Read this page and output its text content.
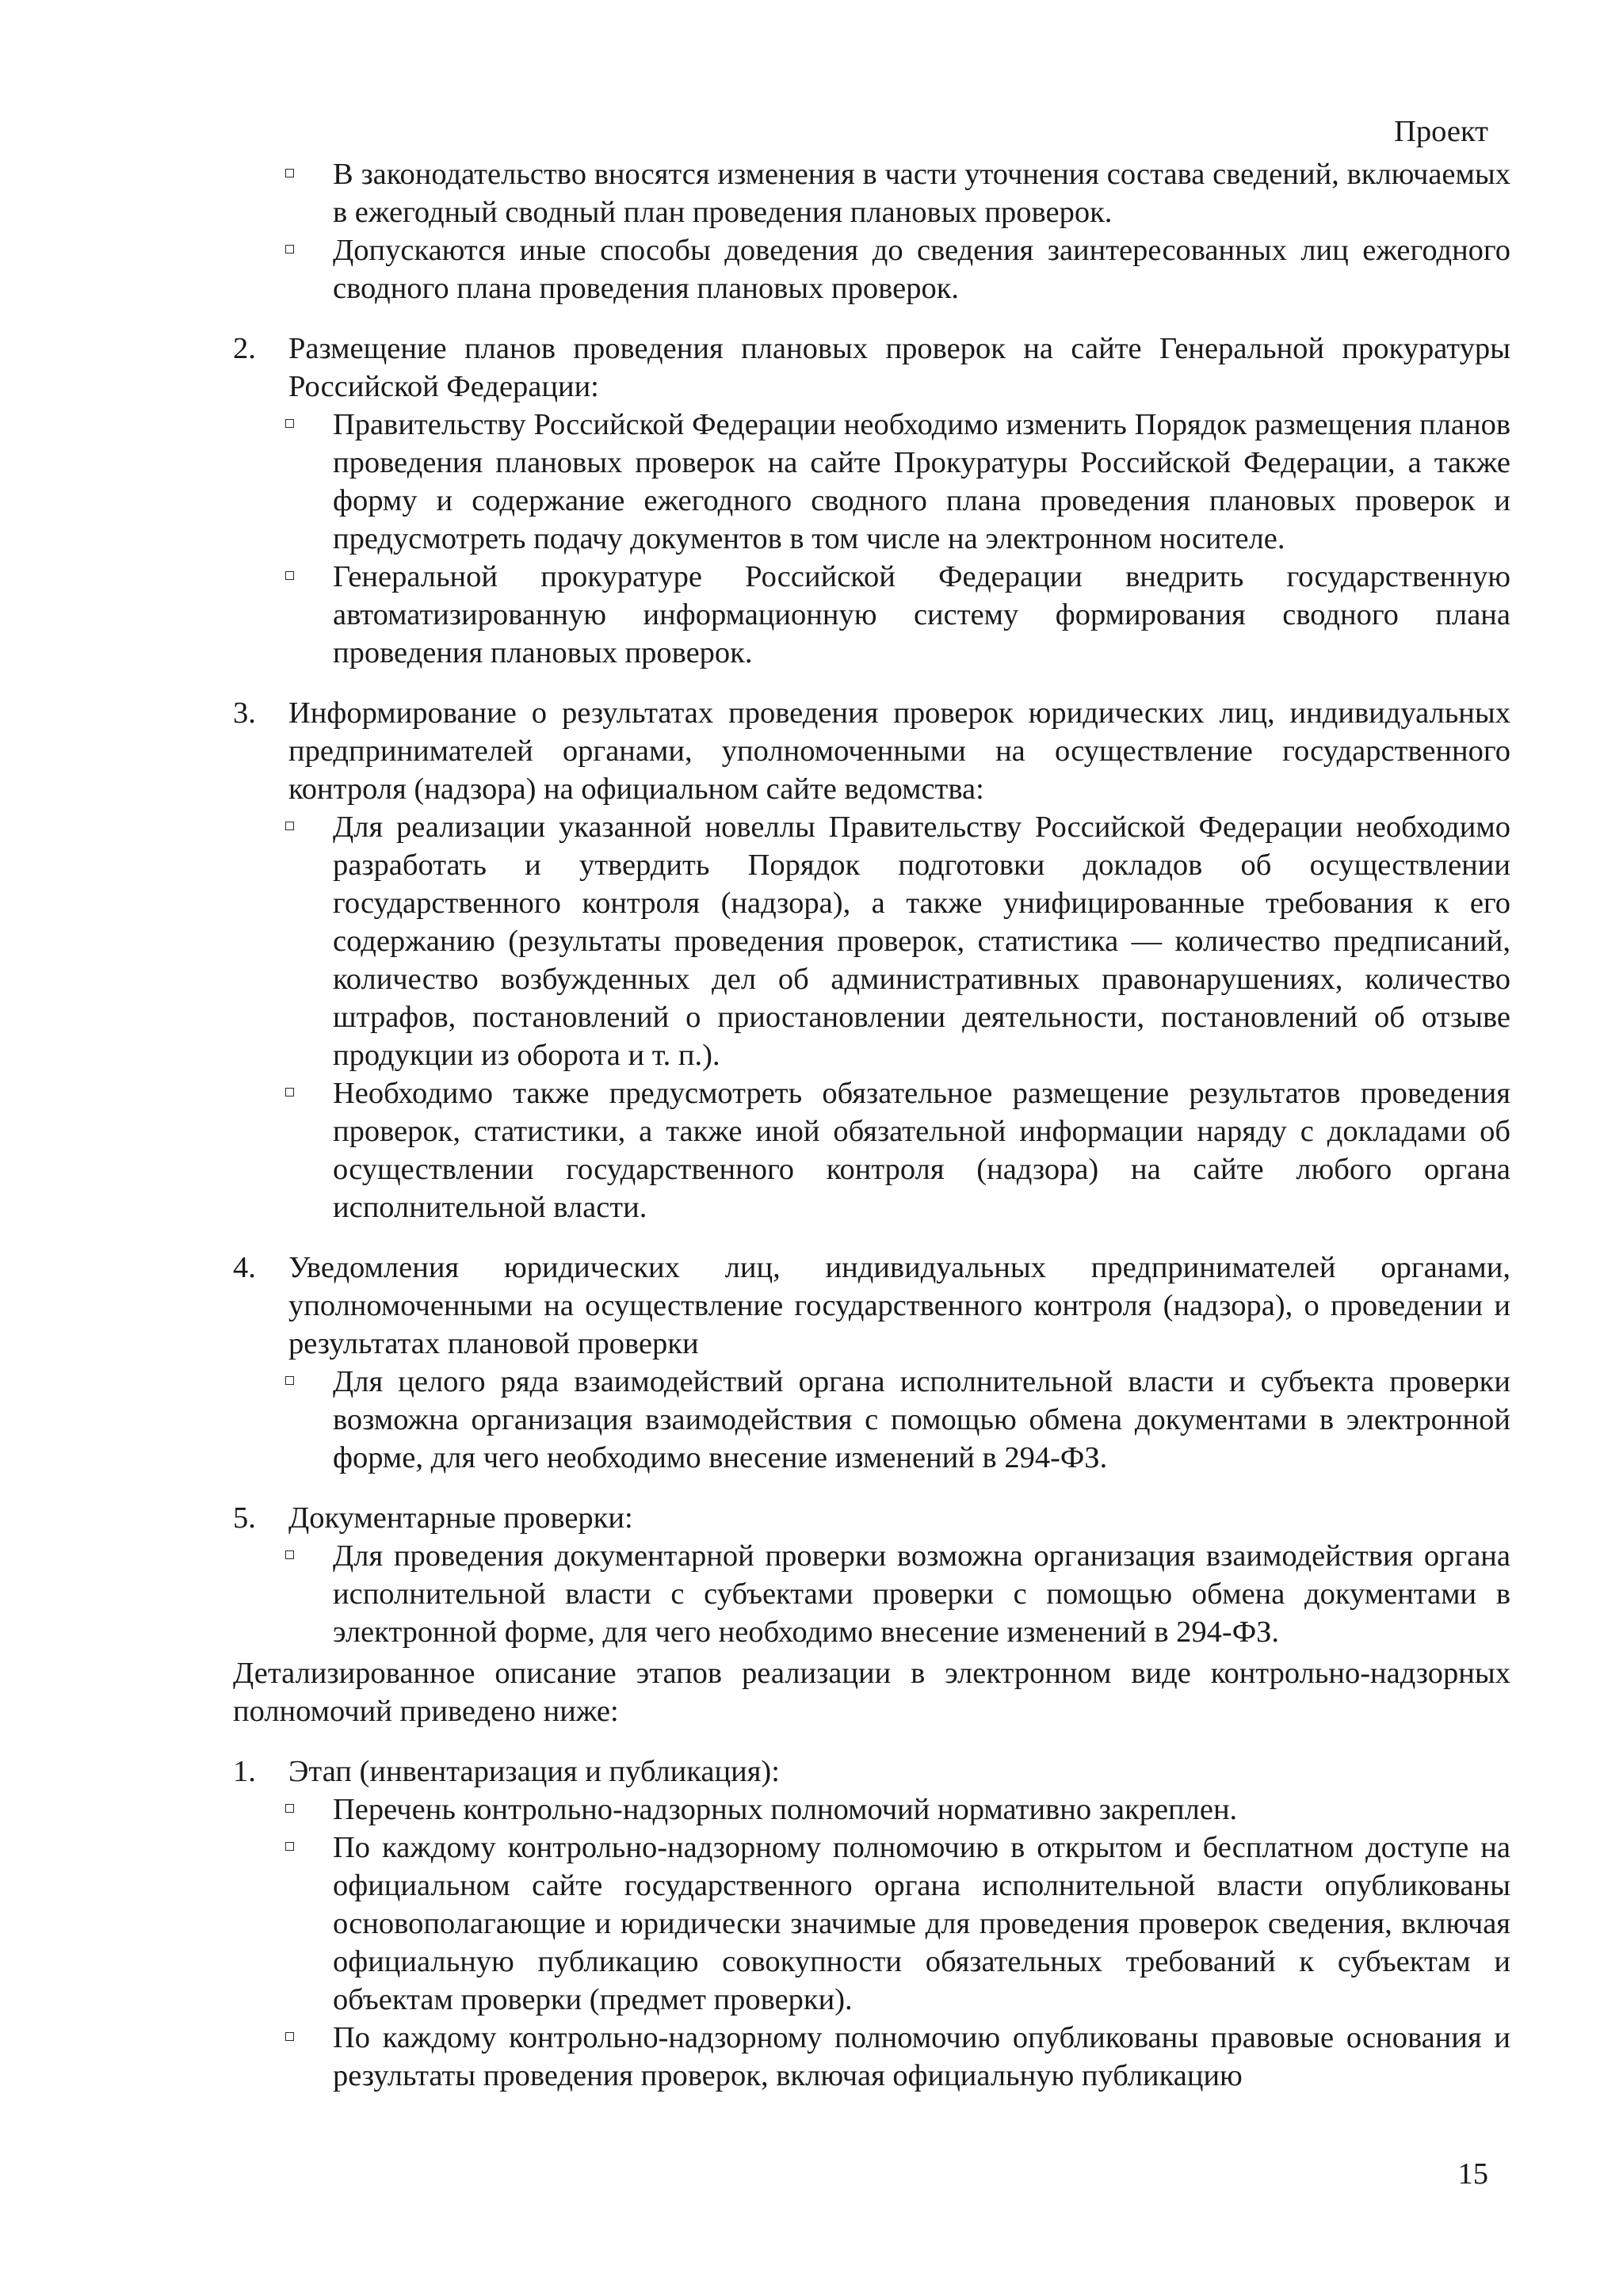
Проект
В законодательство вносятся изменения в части уточнения состава сведений, включаемых в ежегодный сводный план проведения плановых проверок.
Допускаются иные способы доведения до сведения заинтересованных лиц ежегодного сводного плана проведения плановых проверок.
2. Размещение планов проведения плановых проверок на сайте Генеральной прокуратуры Российской Федерации:

Правительству Российской Федерации необходимо изменить Порядок размещения планов проведения плановых проверок на сайте Прокуратуры Российской Федерации, а также форму и содержание ежегодного сводного плана проведения плановых проверок и предусмотреть подачу документов в том числе на электронном носителе.
Генеральной прокуратуре Российской Федерации внедрить государственную автоматизированную информационную систему формирования сводного плана проведения плановых проверок.
3. Информирование о результатах проведения проверок юридических лиц, индивидуальных предпринимателей органами, уполномоченными на осуществление государственного контроля (надзора) на официальном сайте ведомства:

Для реализации указанной новеллы Правительству Российской Федерации необходимо разработать и утвердить Порядок подготовки докладов об осуществлении государственного контроля (надзора), а также унифицированные требования к его содержанию (результаты проведения проверок, статистика — количество предписаний, количество возбужденных дел об административных правонарушениях, количество штрафов, постановлений о приостановлении деятельности, постановлений об отзыве продукции из оборота и т. п.).
Необходимо также предусмотреть обязательное размещение результатов проведения проверок, статистики, а также иной обязательной информации наряду с докладами об осуществлении государственного контроля (надзора) на сайте любого органа исполнительной власти.
4. Уведомления юридических лиц, индивидуальных предпринимателей органами, уполномоченными на осуществление государственного контроля (надзора), о проведении и результатах плановой проверки

Для целого ряда взаимодействий органа исполнительной власти и субъекта проверки возможна организация взаимодействия с помощью обмена документами в электронной форме, для чего необходимо внесение изменений в 294-ФЗ.
5. Документарные проверки:

Для проведения документарной проверки возможна организация взаимодействия органа исполнительной власти с субъектами проверки с помощью обмена документами в электронной форме, для чего необходимо внесение изменений в 294-ФЗ.

Детализированное описание этапов реализации в электронном виде контрольно-надзорных полномочий приведено ниже:

1. Этап (инвентаризация и публикация):

Перечень контрольно-надзорных полномочий нормативно закреплен.
По каждому контрольно-надзорному полномочию в открытом и бесплатном доступе на официальном сайте государственного органа исполнительной власти опубликованы основополагающие и юридически значимые для проведения проверок сведения, включая официальную публикацию совокупности обязательных требований к субъектам и объектам проверки (предмет проверки).
По каждому контрольно-надзорному полномочию опубликованы правовые основания и результаты проведения проверок, включая официальную публикацию
15
